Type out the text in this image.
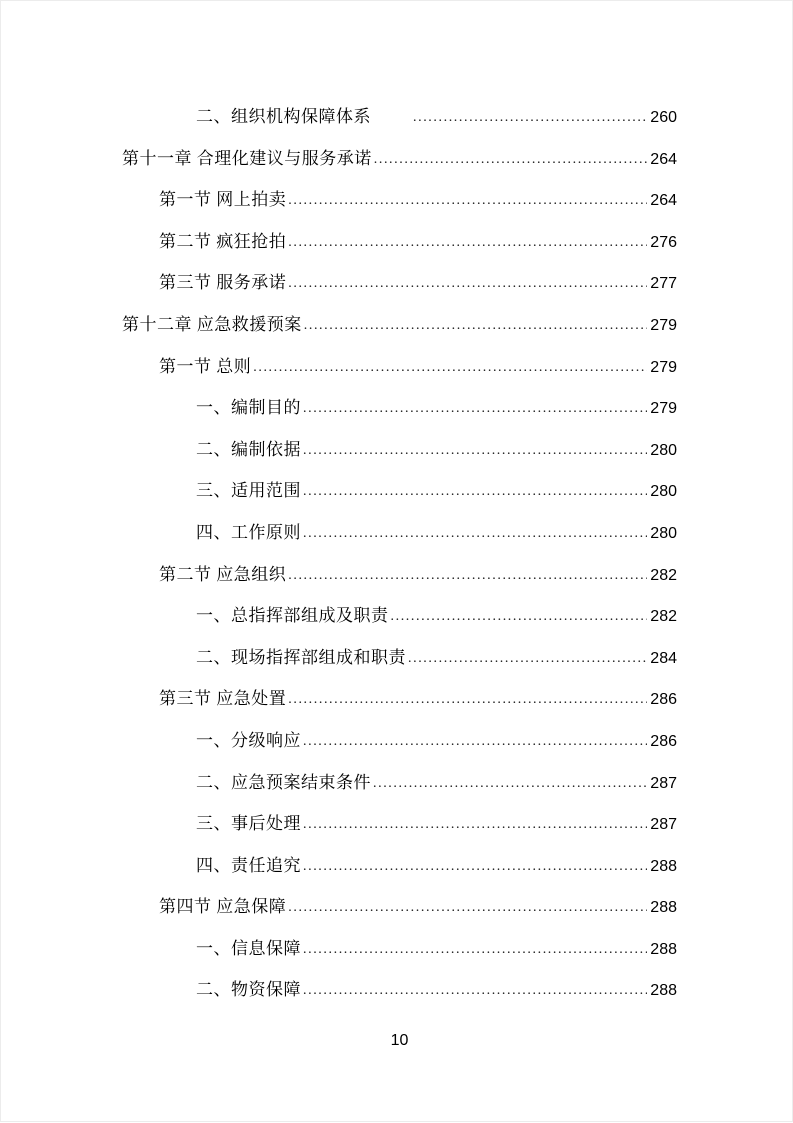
二、组织机构保障体系 .....	260
第十一章 合理化建议与服务承诺 .....	264
第一节 网上拍卖 .....	264
第二节 疯狂抢拍 .....	276
第三节 服务承诺 .....	277
第十二章 应急救援预案 .....	279
第一节 总则 .....	279
一、编制目的 .....	279
二、编制依据 .....	280
三、适用范围 .....	280
四、工作原则 .....	280
第二节 应急组织 .....	282
一、总指挥部组成及职责 .....	282
二、现场指挥部组成和职责 .....	284
第三节 应急处置 .....	286
一、分级响应 .....	286
二、应急预案结束条件 .....	287
三、事后处理 .....	287
四、责任追究 .....	288
第四节 应急保障 .....	288
一、信息保障 .....	288
二、物资保障 .....	288
10
